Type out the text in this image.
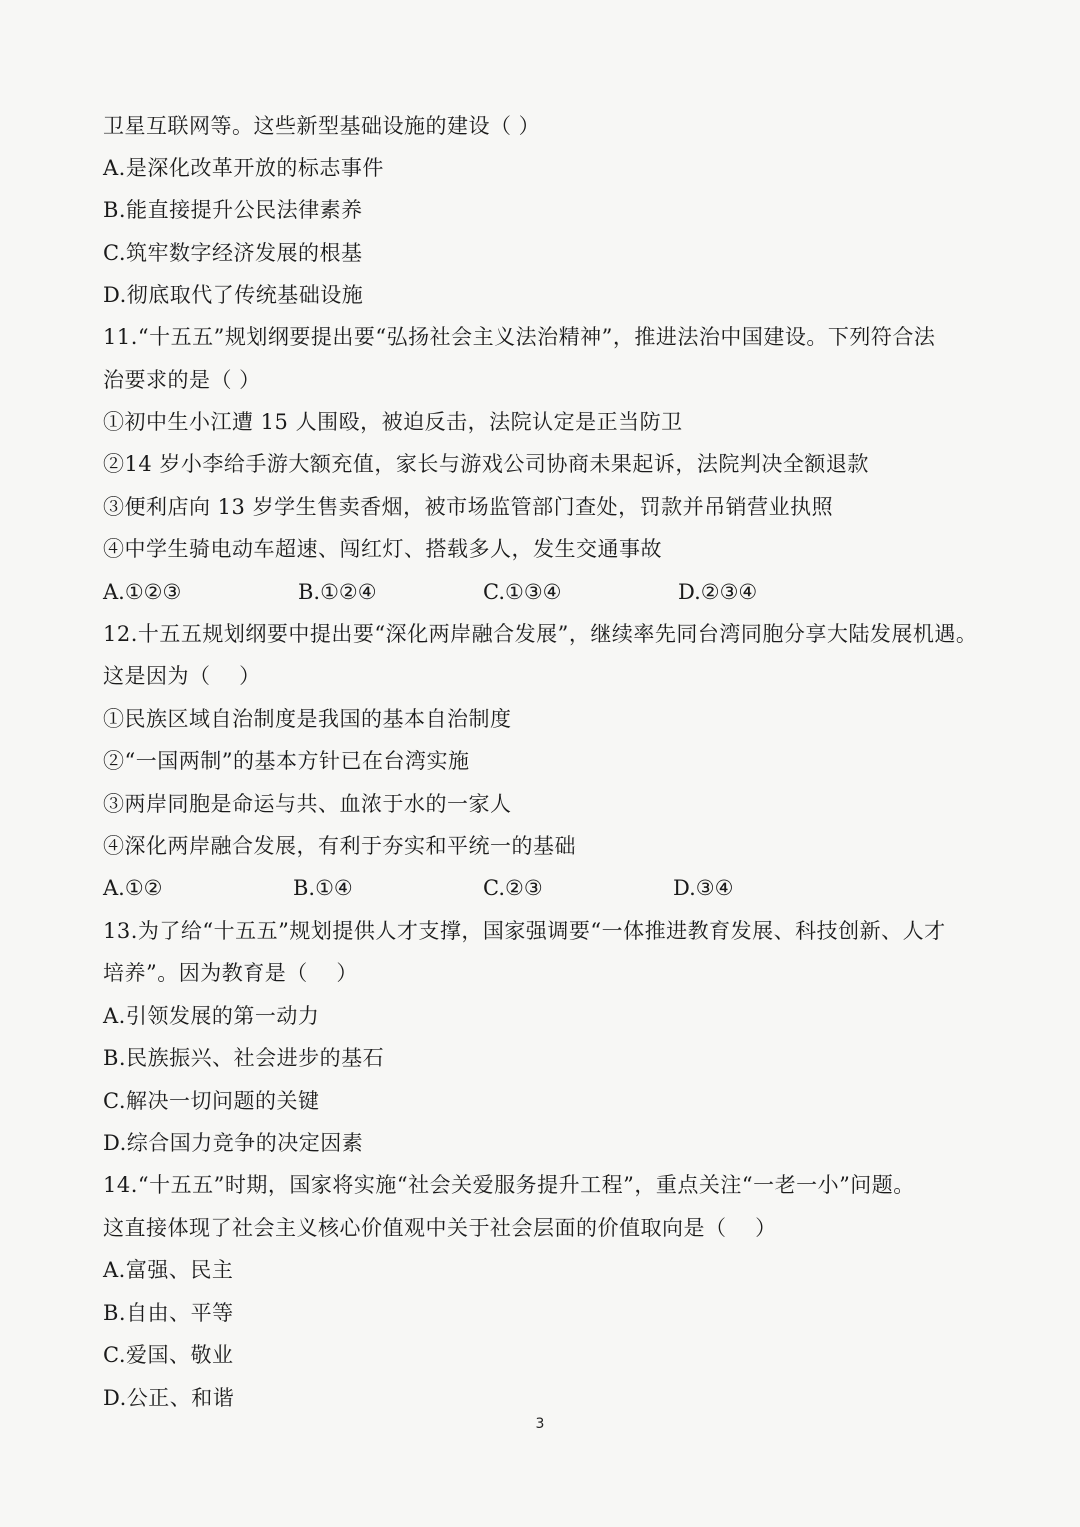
卫星互联网等。这些新型基础设施的建设（ ）
A.是深化改革开放的标志事件
B.能直接提升公民法律素养
C.筑牢数字经济发展的根基
D.彻底取代了传统基础设施
11.“十五五”规划纲要提出要“弘扬社会主义法治精神”，推进法治中国建设。下列符合法
治要求的是（ ）
①初中生小江遭 15 人围殴，被迫反击，法院认定是正当防卫
②14 岁小李给手游大额充值，家长与游戏公司协商未果起诉，法院判决全额退款
③便利店向 13 岁学生售卖香烟，被市场监管部门查处，罚款并吊销营业执照
④中学生骑电动车超速、闯红灯、搭载多人，发生交通事故
A.①②③	B.①②④	C.①③④	D.②③④
12.十五五规划纲要中提出要“深化两岸融合发展”，继续率先同台湾同胞分享大陆发展机遇。
这是因为（　 ）
①民族区域自治制度是我国的基本自治制度
②“一国两制”的基本方针已在台湾实施
③两岸同胞是命运与共、血浓于水的一家人
④深化两岸融合发展，有利于夯实和平统一的基础
A.①②	B.①④	C.②③	D.③④
13.为了给“十五五”规划提供人才支撑，国家强调要“一体推进教育发展、科技创新、人才
培养”。因为教育是（　 ）
A.引领发展的第一动力
B.民族振兴、社会进步的基石
C.解决一切问题的关键
D.综合国力竞争的决定因素
14.“十五五”时期，国家将实施“社会关爱服务提升工程”，重点关注“一老一小”问题。
这直接体现了社会主义核心价值观中关于社会层面的价值取向是（　 ）
A.富强、民主
B.自由、平等
C.爱国、敬业
D.公正、和谐
3
